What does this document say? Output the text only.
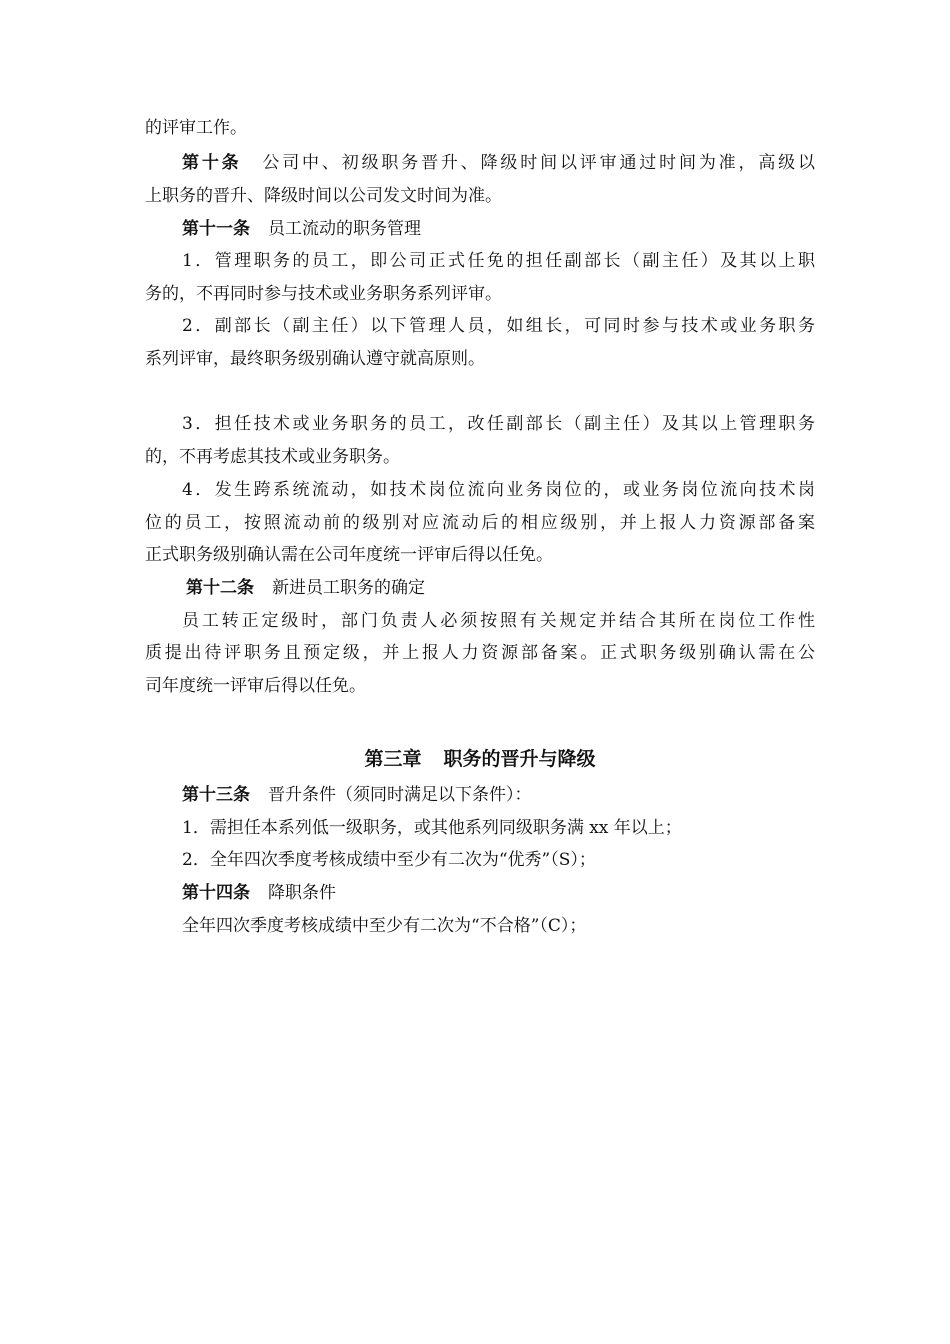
的评审工作。
第十条 公司中、初级职务晋升、降级时间以评审通过时间为准，高级以
上职务的晋升、降级时间以公司发文时间为准。
第十一条 员工流动的职务管理
1．管理职务的员工，即公司正式任免的担任副部长（副主任）及其以上职
务的，不再同时参与技术或业务职务系列评审。
2．副部长（副主任）以下管理人员，如组长，可同时参与技术或业务职务
系列评审，最终职务级别确认遵守就高原则。
3．担任技术或业务职务的员工，改任副部长（副主任）及其以上管理职务
的，不再考虑其技术或业务职务。
4．发生跨系统流动，如技术岗位流向业务岗位的，或业务岗位流向技术岗
位的员工，按照流动前的级别对应流动后的相应级别，并上报人力资源部备案
正式职务级别确认需在公司年度统一评审后得以任免。
第十二条 新进员工职务的确定
员工转正定级时，部门负责人必须按照有关规定并结合其所在岗位工作性
质提出待评职务且预定级，并上报人力资源部备案。正式职务级别确认需在公
司年度统一评审后得以任免。
第三章 职务的晋升与降级
第十三条 晋升条件（须同时满足以下条件）：
1．需担任本系列低一级职务，或其他系列同级职务满 xx 年以上；
2．全年四次季度考核成绩中至少有二次为“优秀”（S）；
第十四条 降职条件
全年四次季度考核成绩中至少有二次为“不合格”（C）；
